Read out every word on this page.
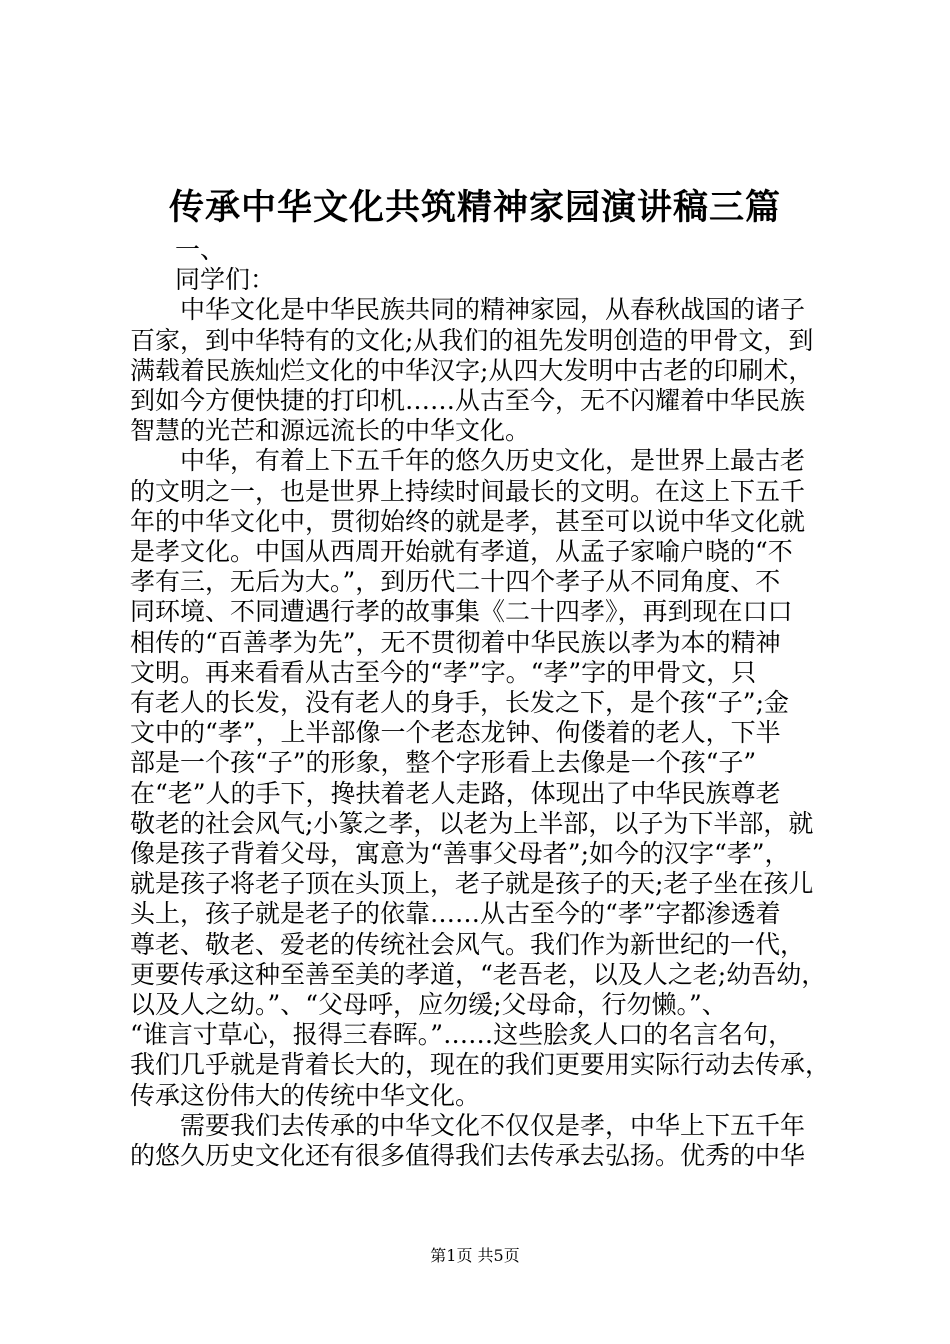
传承中华文化共筑精神家园演讲稿三篇

一、

同学们：

中华文化是中华民族共同的精神家园，从春秋战国的诸子

百家，到中华特有的文化;从我们的祖先发明创造的甲骨文，到

满载着民族灿烂文化的中华汉字;从四大发明中古老的印刷术，

到如今方便快捷的打印机……从古至今，无不闪耀着中华民族

智慧的光芒和源远流长的中华文化。

中华，有着上下五千年的悠久历史文化，是世界上最古老

的文明之一，也是世界上持续时间最长的文明。在这上下五千

年的中华文化中，贯彻始终的就是孝，甚至可以说中华文化就

是孝文化。中国从西周开始就有孝道，从孟子家喻户晓的“不

孝有三，无后为大。”，到历代二十四个孝子从不同角度、不

同环境、不同遭遇行孝的故事集《二十四孝》，再到现在口口

相传的“百善孝为先”，无不贯彻着中华民族以孝为本的精神

文明。再来看看从古至今的“孝”字。“孝”字的甲骨文，只

有老人的长发，没有老人的身手，长发之下，是个孩“子”;金

文中的“孝”，上半部像一个老态龙钟、佝偻着的老人，下半

部是一个孩“子”的形象，整个字形看上去像是一个孩“子”

在“老”人的手下，搀扶着老人走路，体现出了中华民族尊老

敬老的社会风气;小篆之孝，以老为上半部，以子为下半部，就

像是孩子背着父母，寓意为“善事父母者”;如今的汉字“孝”，

就是孩子将老子顶在头顶上，老子就是孩子的天;老子坐在孩儿

头上，孩子就是老子的依靠……从古至今的“孝”字都渗透着

尊老、敬老、爱老的传统社会风气。我们作为新世纪的一代，

更要传承这种至善至美的孝道，“老吾老，以及人之老;幼吾幼，

以及人之幼。”、“父母呼，应勿缓;父母命，行勿懒。”、

“谁言寸草心，报得三春晖。”……这些脍炙人口的名言名句，

我们几乎就是背着长大的，现在的我们更要用实际行动去传承，

传承这份伟大的传统中华文化。

需要我们去传承的中华文化不仅仅是孝，中华上下五千年

的悠久历史文化还有很多值得我们去传承去弘扬。优秀的中华

第1页 共5页
